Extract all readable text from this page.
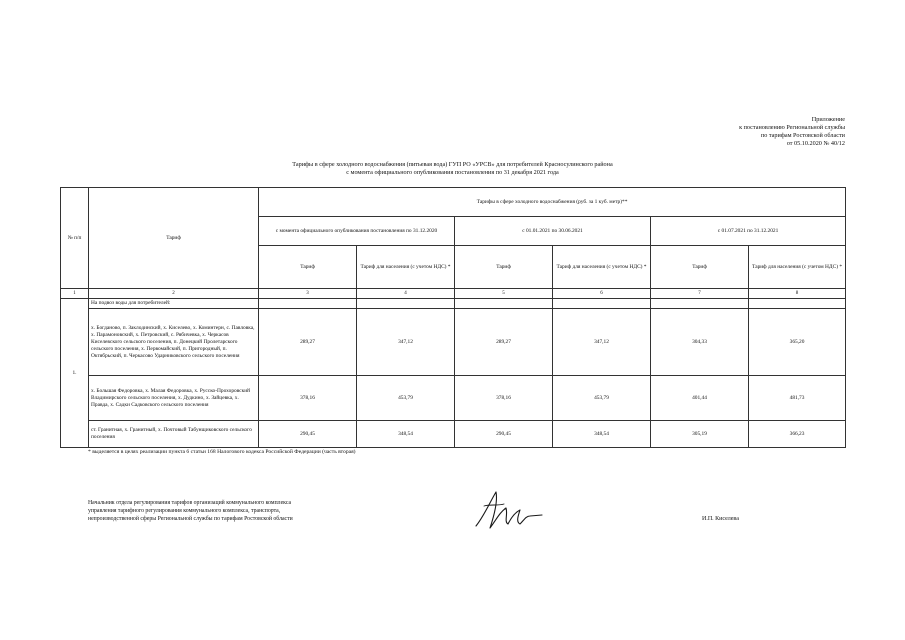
Приложение
к постановлению Региональной службы
по тарифам Ростовской области
от 05.10.2020 № 40/12
Тарифы в сфере холодного водоснабжения (питьевая вода) ГУП РО «УРСВ» для потребителей Красносулинского района
с момента официального опубликования постановления по 31 декабря 2021 года
№ п/п	Тариф	Тарифы в сфере холодного водоснабжения (руб. за 1 куб. метр)**					
		с момента официального опубликования постановления по 31.12.2020		с 01.01.2021 по 30.06.2021		с 01.07.2021 по 31.12.2021	
		Тариф	Тариф для населения (с учетом НДС) *	Тариф	Тариф для населения (с учетом НДС) *	Тариф	Тариф для населения (с учетом НДС) *
1	2	3	4	5	6	7	8
1.	На подвоз воды для потребителей:						
	х. Богданово, п. Заклодинский, х. Киселево, х. Коминтерн, с. Павловка, х. Парамоновский, х. Петровский, с. Рябичевка, х. Черкасов Киселевского сельского поселения, п. Донецкий Пролетарского сельского поселения, х. Первомайский, п. Пригородный, п. Октябрьский, п. Черкасово Ударниковского сельского поселения	289,27	347,12	289,27	347,12	304,33	365,20
	х. Большая Федоровка, х. Малая Федоровка, х. Русско-Прохоровский Владимирского сельского поселения, х. Дудкино, х. Зайцевка, х. Правда, х. Садки Садковского сельского поселения	378,16	453,79	378,16	453,79	401,44	481,73
	ст. Гранитная, х. Гранитный, х. Почтовый Табунщиковского сельского поселения	290,45	348,54	290,45	348,54	305,19	366,23
* выделяется в целях реализации пункта 6 статьи 168 Налогового кодекса Российской Федерации (часть вторая)
Начальник отдела регулирования тарифов организаций коммунального комплекса
управления тарифного регулирования коммунального комплекса, транспорта,
непроизводственной сферы Региональной службы по тарифам Ростовской области	И.П. Киселева
